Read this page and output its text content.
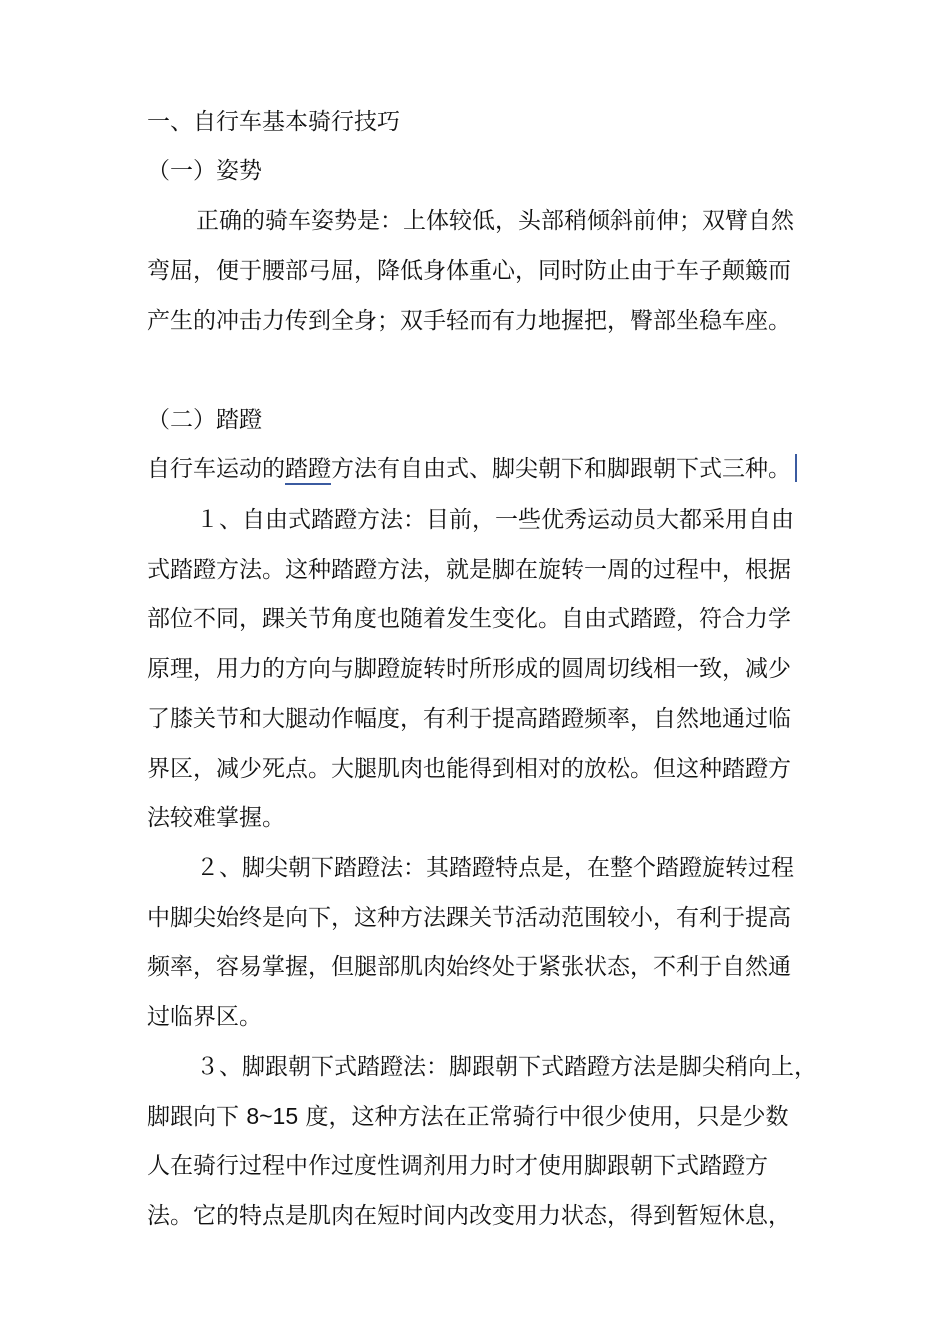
一、自行车基本骑行技巧
（一）姿势
正确的骑车姿势是：上体较低，头部稍倾斜前伸；双臂自然
弯屈，便于腰部弓屈，降低身体重心，同时防止由于车子颠簸而
产生的冲击力传到全身；双手轻而有力地握把，臀部坐稳车座。
（二）踏蹬
自行车运动的踏蹬方法有自由式、脚尖朝下和脚跟朝下式三种。
１、自由式踏蹬方法：目前，一些优秀运动员大都采用自由
式踏蹬方法。这种踏蹬方法，就是脚在旋转一周的过程中，根据
部位不同，踝关节角度也随着发生变化。自由式踏蹬，符合力学
原理，用力的方向与脚蹬旋转时所形成的圆周切线相一致，减少
了膝关节和大腿动作幅度，有利于提高踏蹬频率，自然地通过临
界区，减少死点。大腿肌肉也能得到相对的放松。但这种踏蹬方
法较难掌握。
２、脚尖朝下踏蹬法：其踏蹬特点是，在整个踏蹬旋转过程
中脚尖始终是向下，这种方法踝关节活动范围较小，有利于提高
频率，容易掌握，但腿部肌肉始终处于紧张状态，不利于自然通
过临界区。
３、脚跟朝下式踏蹬法：脚跟朝下式踏蹬方法是脚尖稍向上，
脚跟向下 8~15 度，这种方法在正常骑行中很少使用，只是少数
人在骑行过程中作过度性调剂用力时才使用脚跟朝下式踏蹬方
法。它的特点是肌肉在短时间内改变用力状态，得到暂短休息，
